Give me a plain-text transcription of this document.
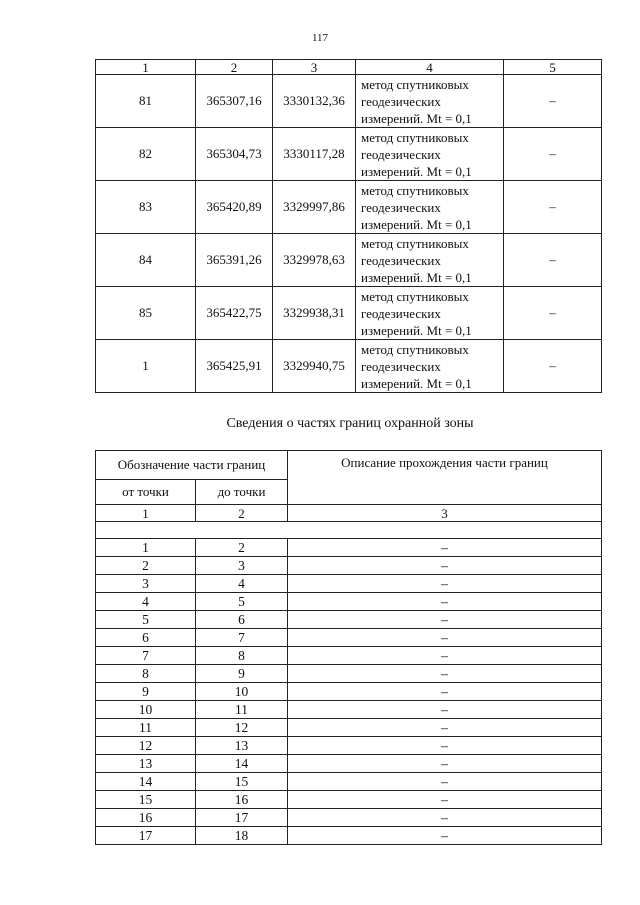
117
1	2	3	4	5
81	365307,16	3330132,36	метод спутниковых
геодезических
измерений. Mt = 0,1	–
82	365304,73	3330117,28	метод спутниковых
геодезических
измерений. Mt = 0,1	–
83	365420,89	3329997,86	метод спутниковых
геодезических
измерений. Mt = 0,1	–
84	365391,26	3329978,63	метод спутниковых
геодезических
измерений. Mt = 0,1	–
85	365422,75	3329938,31	метод спутниковых
геодезических
измерений. Mt = 0,1	–
1	365425,91	3329940,75	метод спутниковых
геодезических
измерений. Mt = 0,1	–
Сведения о частях границ охранной зоны
Обозначение части границ		Описание прохождения части границ
от точки	до точки	
1	2	3

1	2	–
2	3	–
3	4	–
4	5	–
5	6	–
6	7	–
7	8	–
8	9	–
9	10	–
10	11	–
11	12	–
12	13	–
13	14	–
14	15	–
15	16	–
16	17	–
17	18	–
